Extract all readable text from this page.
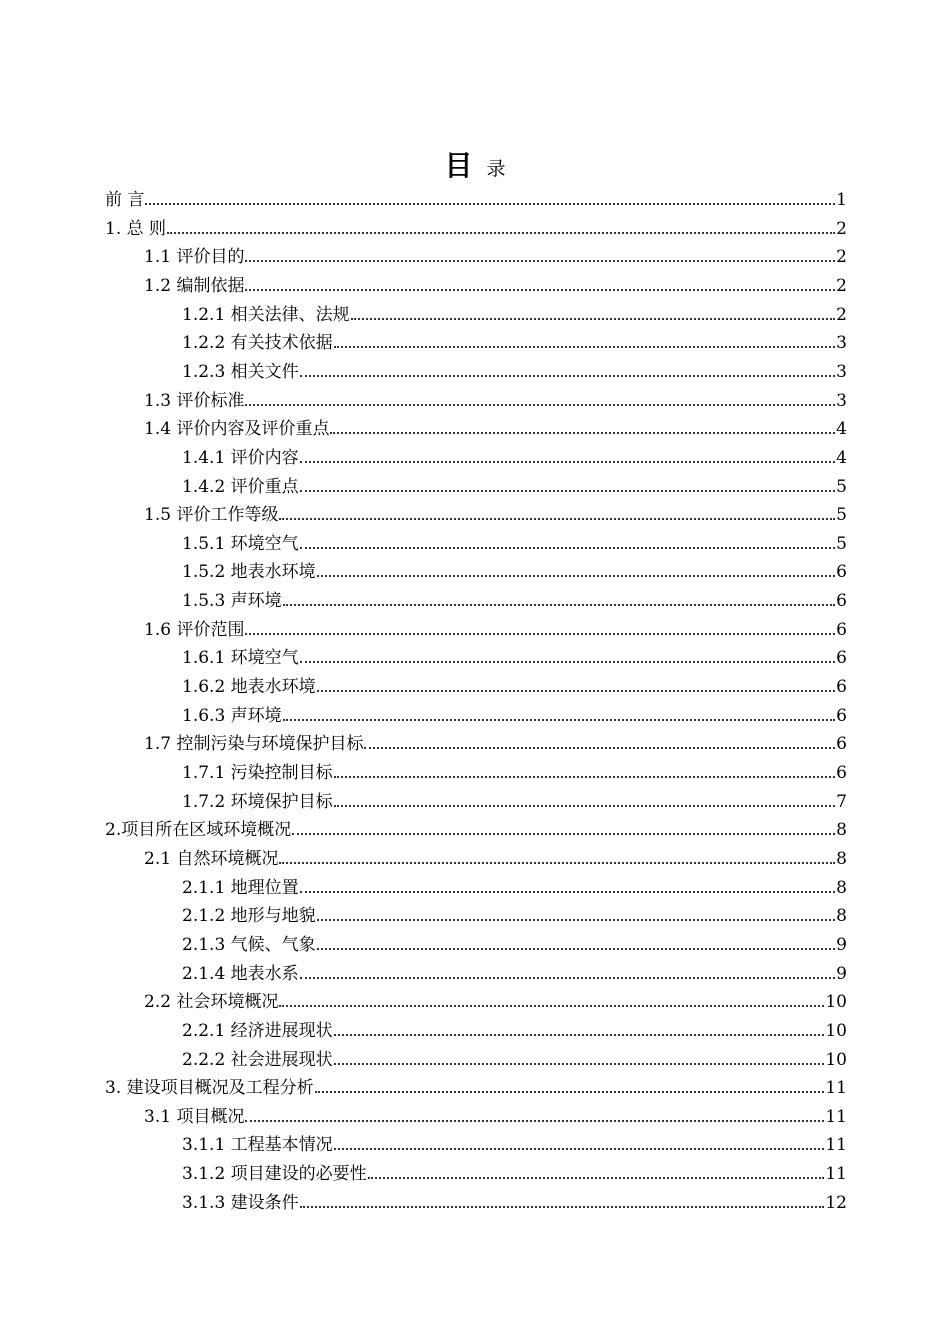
目 录
前 言	1
1. 总 则	2
1.1 评价目的	2
1.2 编制依据	2
1.2.1 相关法律、法规	2
1.2.2 有关技术依据	3
1.2.3 相关文件	3
1.3 评价标准	3
1.4 评价内容及评价重点	4
1.4.1 评价内容	4
1.4.2 评价重点	5
1.5 评价工作等级	5
1.5.1 环境空气	5
1.5.2 地表水环境	6
1.5.3 声环境	6
1.6 评价范围	6
1.6.1 环境空气	6
1.6.2 地表水环境	6
1.6.3 声环境	6
1.7 控制污染与环境保护目标	6
1.7.1 污染控制目标	6
1.7.2 环境保护目标	7
2.项目所在区域环境概况	8
2.1 自然环境概况	8
2.1.1 地理位置	8
2.1.2 地形与地貌	8
2.1.3 气候、气象	9
2.1.4 地表水系	9
2.2 社会环境概况	10
2.2.1 经济进展现状	10
2.2.2 社会进展现状	10
3. 建设项目概况及工程分析	11
3.1 项目概况	11
3.1.1 工程基本情况	11
3.1.2 项目建设的必要性	11
3.1.3 建设条件	12
